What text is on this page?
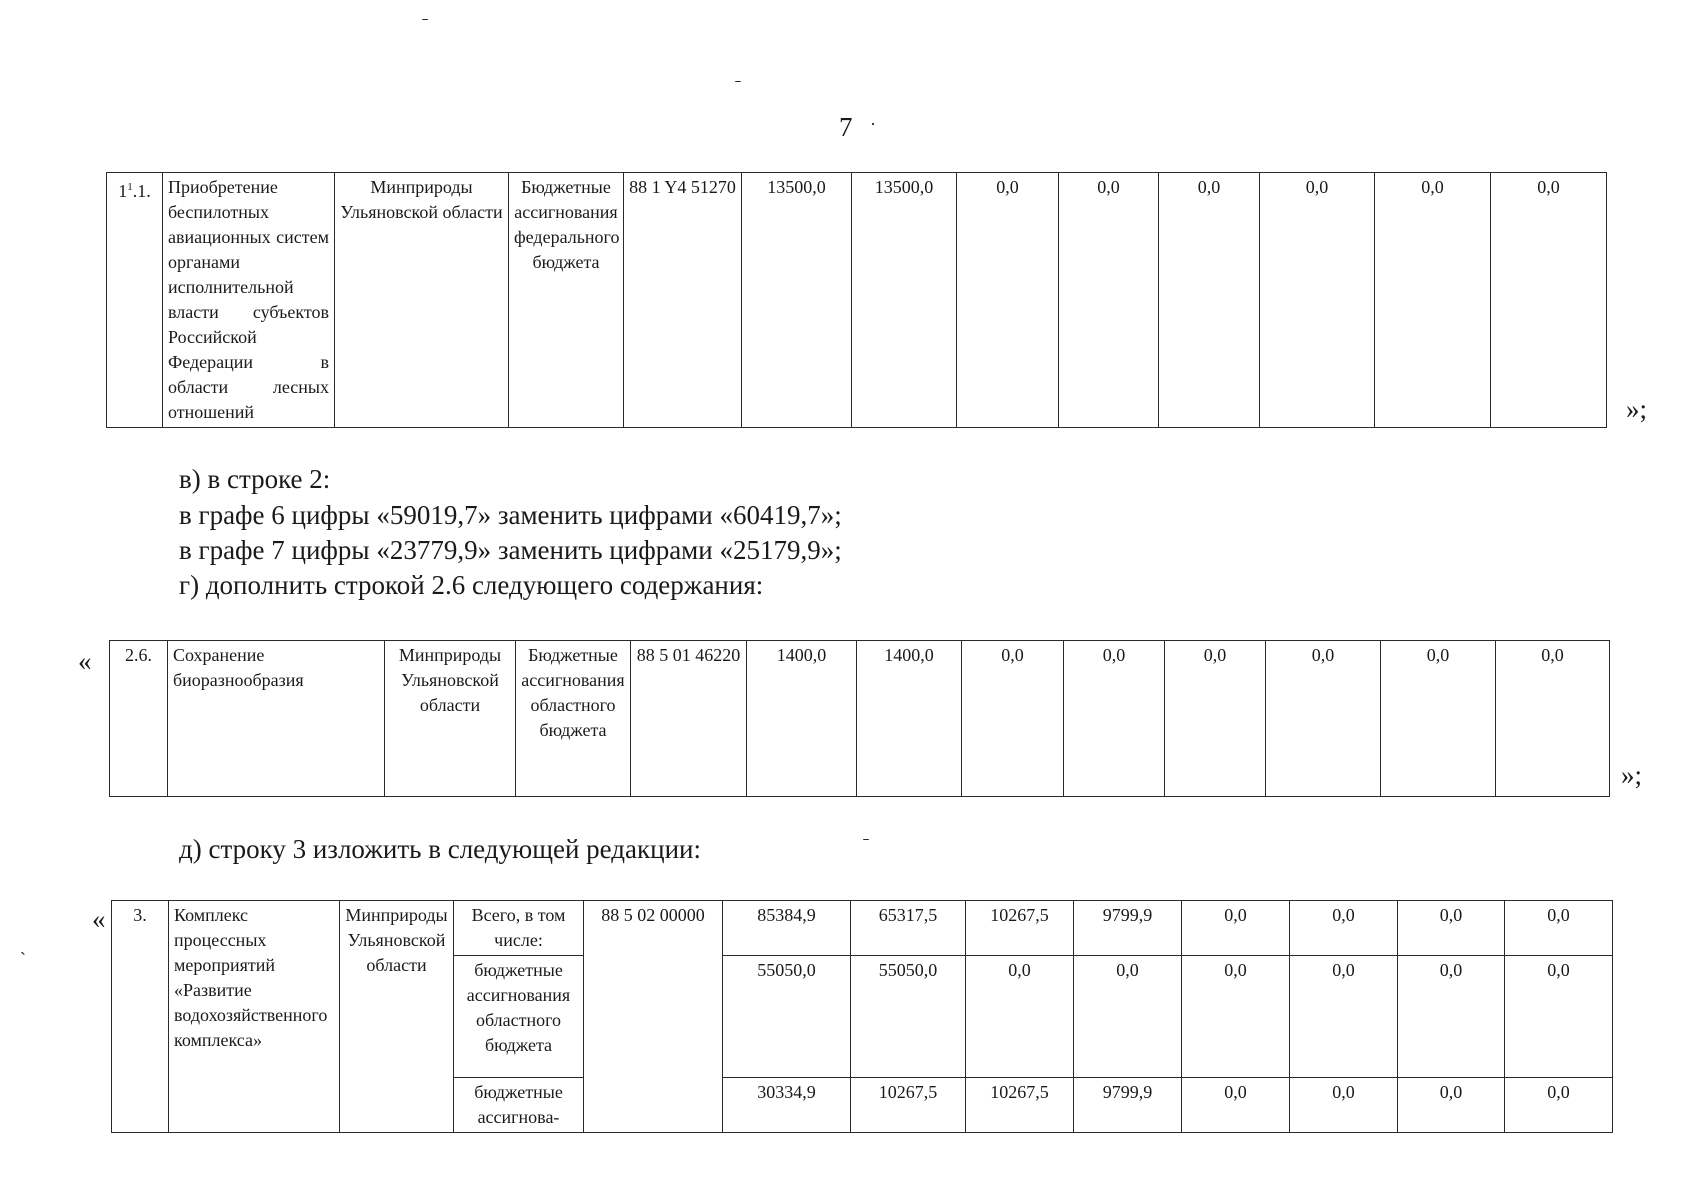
7
ˉ
ˉ
·
$1^1.1$.	Приобретение беспилотных авиационных систем органами исполнительной власти субъектов Российской Федерации в области лесных отношений	Минприроды Ульяновской области	Бюджетные ассигнования федерального бюджета	88 1 Y4 51270	13500,0	13500,0	0,0	0,0	0,0	0,0	0,0	0,0
»;
в) в строке 2:
в графе 6 цифры «59019,7» заменить цифрами «60419,7»;
в графе 7 цифры «23779,9» заменить цифрами «25179,9»;
г) дополнить строкой 2.6 следующего содержания:
« 2.6.	Сохранение биоразнообразия	Минприроды Ульяновской области	Бюджетные ассигнования областного бюджета	88 5 01 46220	1400,0	1400,0	0,0	0,0	0,0	0,0	0,0	0,0
»;
д) строку 3 изложить в следующей редакции:	ˉ
ˏ
« 3.	Комплекс процессных мероприятий «Развитие водохозяйственного комплекса»	Минприроды Ульяновской области	Всего, в том числе:	88 5 02 00000	85384,9	65317,5	10267,5	9799,9	0,0	0,0	0,0	0,0
			бюджетные ассигнования областного бюджета		55050,0	55050,0	0,0	0,0	0,0	0,0	0,0	0,0
			бюджетные ассигнова-		30334,9	10267,5	10267,5	9799,9	0,0	0,0	0,0	0,0
